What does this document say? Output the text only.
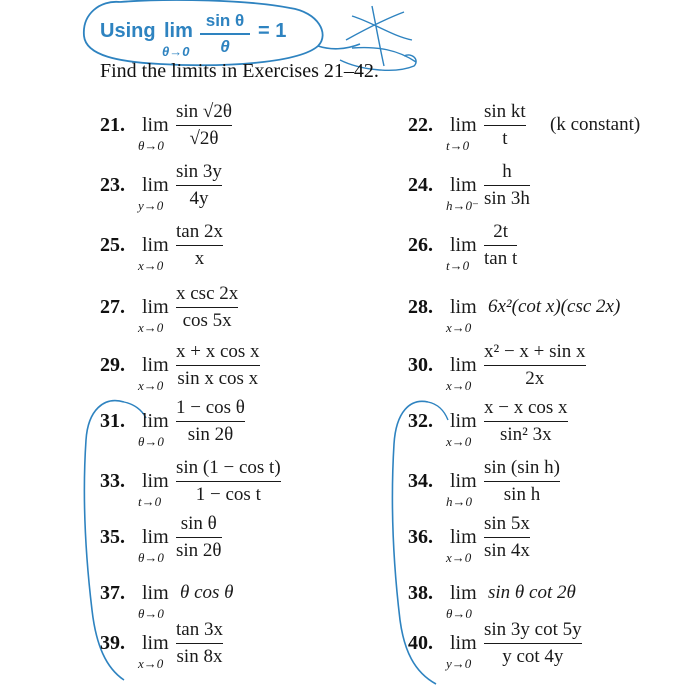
Using lim
θ→0
sin θ
θ
= 1
Find the limits in Exercises 21–42.
21. lim
θ→0
sin √2θ
√2θ
22. lim
t→0
sin kt
t
(k constant)
23. lim
y→0
sin 3y
4y
24. lim
h→0⁻
h
sin 3h
25. lim
x→0
tan 2x
x
26. lim
t→0
2t
tan t
27. lim
x→0
x csc 2x
cos 5x
28. lim
x→0
6x²(cot x)(csc 2x)
29. lim
x→0
x + x cos x
sin x cos x
30. lim
x→0
x² − x + sin x
2x
31. lim
θ→0
1 − cos θ
sin 2θ
32. lim
x→0
x − x cos x
sin² 3x
33. lim
t→0
sin (1 − cos t)
1 − cos t
34. lim
h→0
sin (sin h)
sin h
35. lim
θ→0
sin θ
sin 2θ
36. lim
x→0
sin 5x
sin 4x
37. lim
θ→0
θ cos θ	38. lim
θ→0
sin θ cot 2θ
39. lim
x→0
tan 3x
sin 8x
40. lim
y→0
sin 3y cot 5y
y cot 4y
